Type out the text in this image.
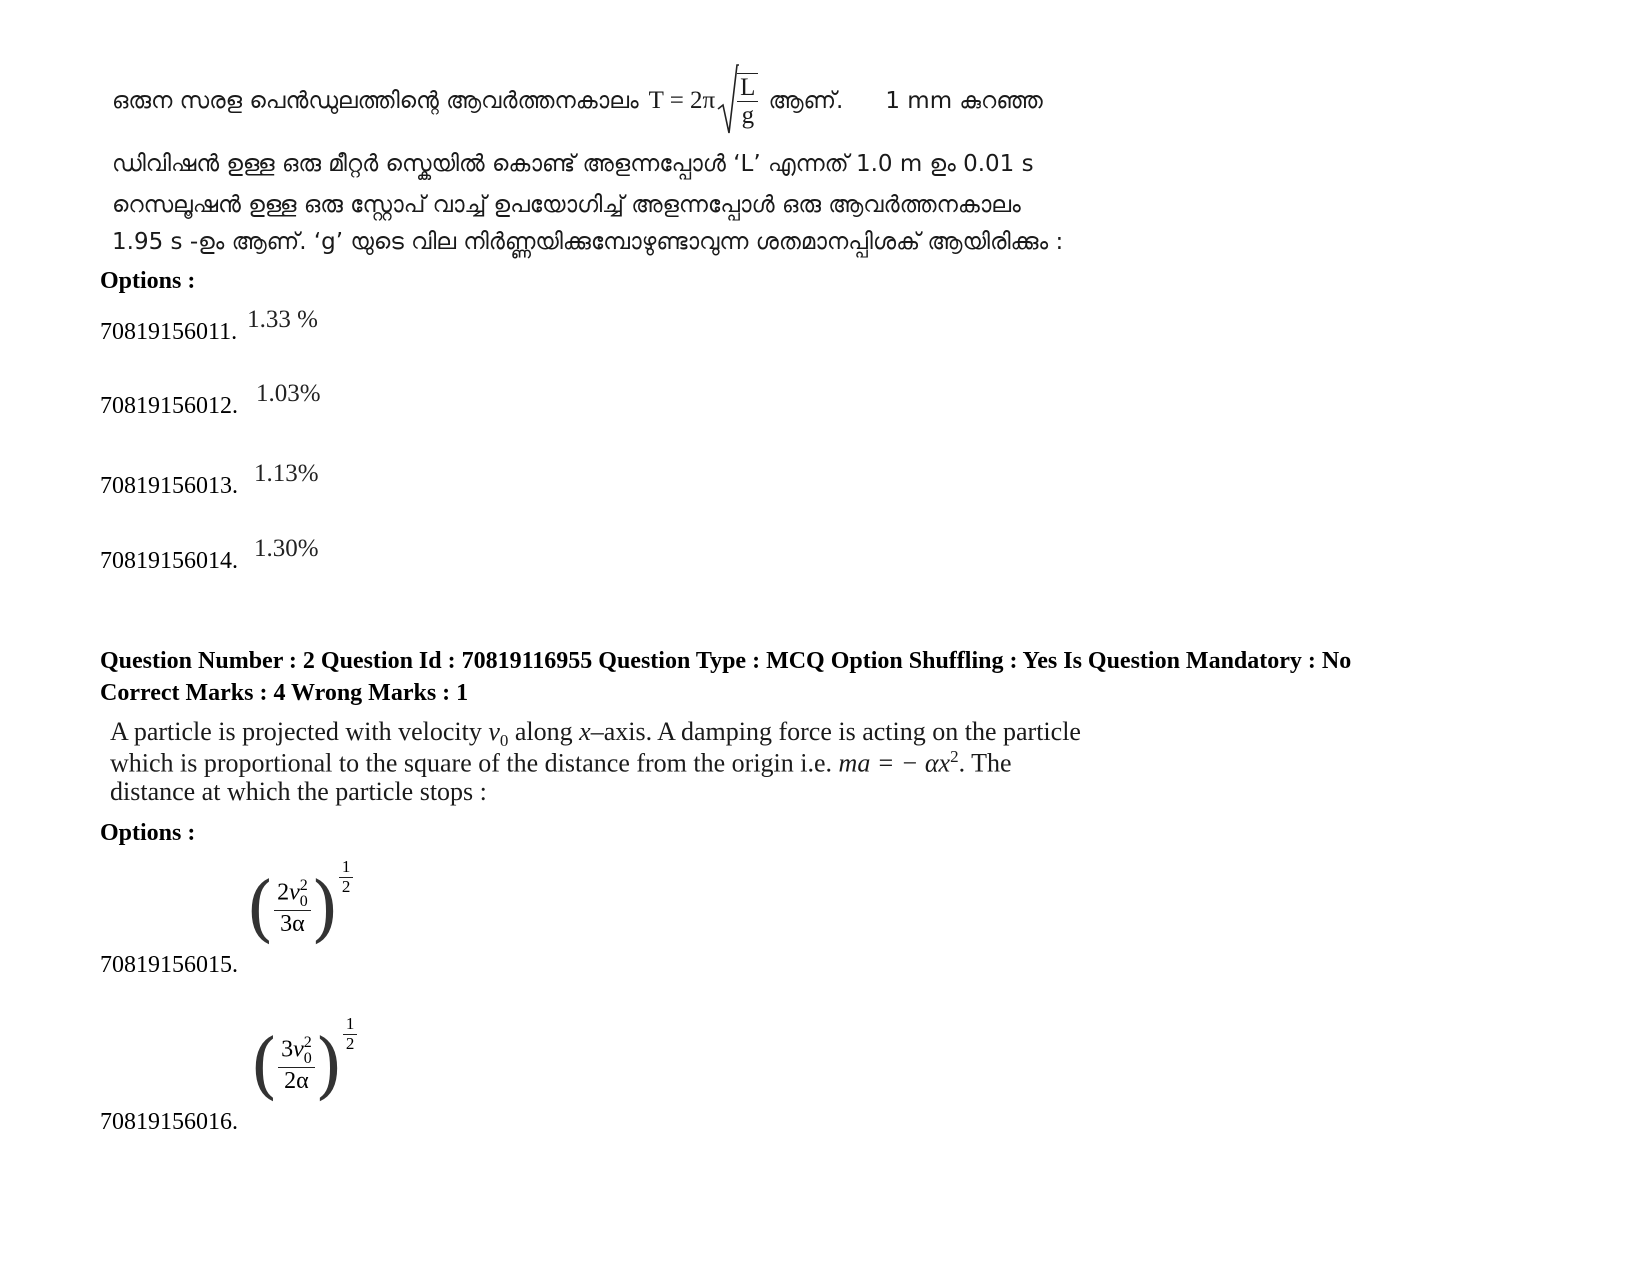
ഒരുന സരള പെൻഡുലത്തിന്റെ ആവർത്തനകാലം $T = 2\pi \frac{L}{g}$ ആണ്. 1 mm കുറഞ്ഞ
ഡിവിഷൻ ഉള്ള ഒരു മീറ്റർ സ്കെയിൽ കൊണ്ട് അളന്നപ്പോൾ ‘L’ എന്നത് 1.0 m ഉം 0.01 s
റെസലൂഷൻ ഉള്ള ഒരു സ്റ്റോപ് വാച്ച് ഉപയോഗിച്ച് അളന്നപ്പോൾ ഒരു ആവർത്തനകാലം
1.95 s -ഉം ആണ്. ‘g’ യുടെ വില നിർണ്ണയിക്കുമ്പോഴുണ്ടാവുന്ന ശതമാനപ്പിശക് ആയിരിക്കും :
Options :
70819156011. 1.33 %
70819156012. 1.03%
70819156013. 1.13%
70819156014. 1.30%
Question Number : 2 Question Id : 70819116955 Question Type : MCQ Option Shuffling : Yes Is Question Mandatory : No
Correct Marks : 4 Wrong Marks : 1
A particle is projected with velocity $v_0$ along x–axis. A damping force is acting on the particle
which is proportional to the square of the distance from the origin i.e. ma = − $\alpha x^2$. The
distance at which the particle stops :
Options :
70819156015.
( 2v 2
0
3α ) $\frac{1}{2}$
70819156016.
( 3v 2
0
2α ) $\frac{1}{2}$
